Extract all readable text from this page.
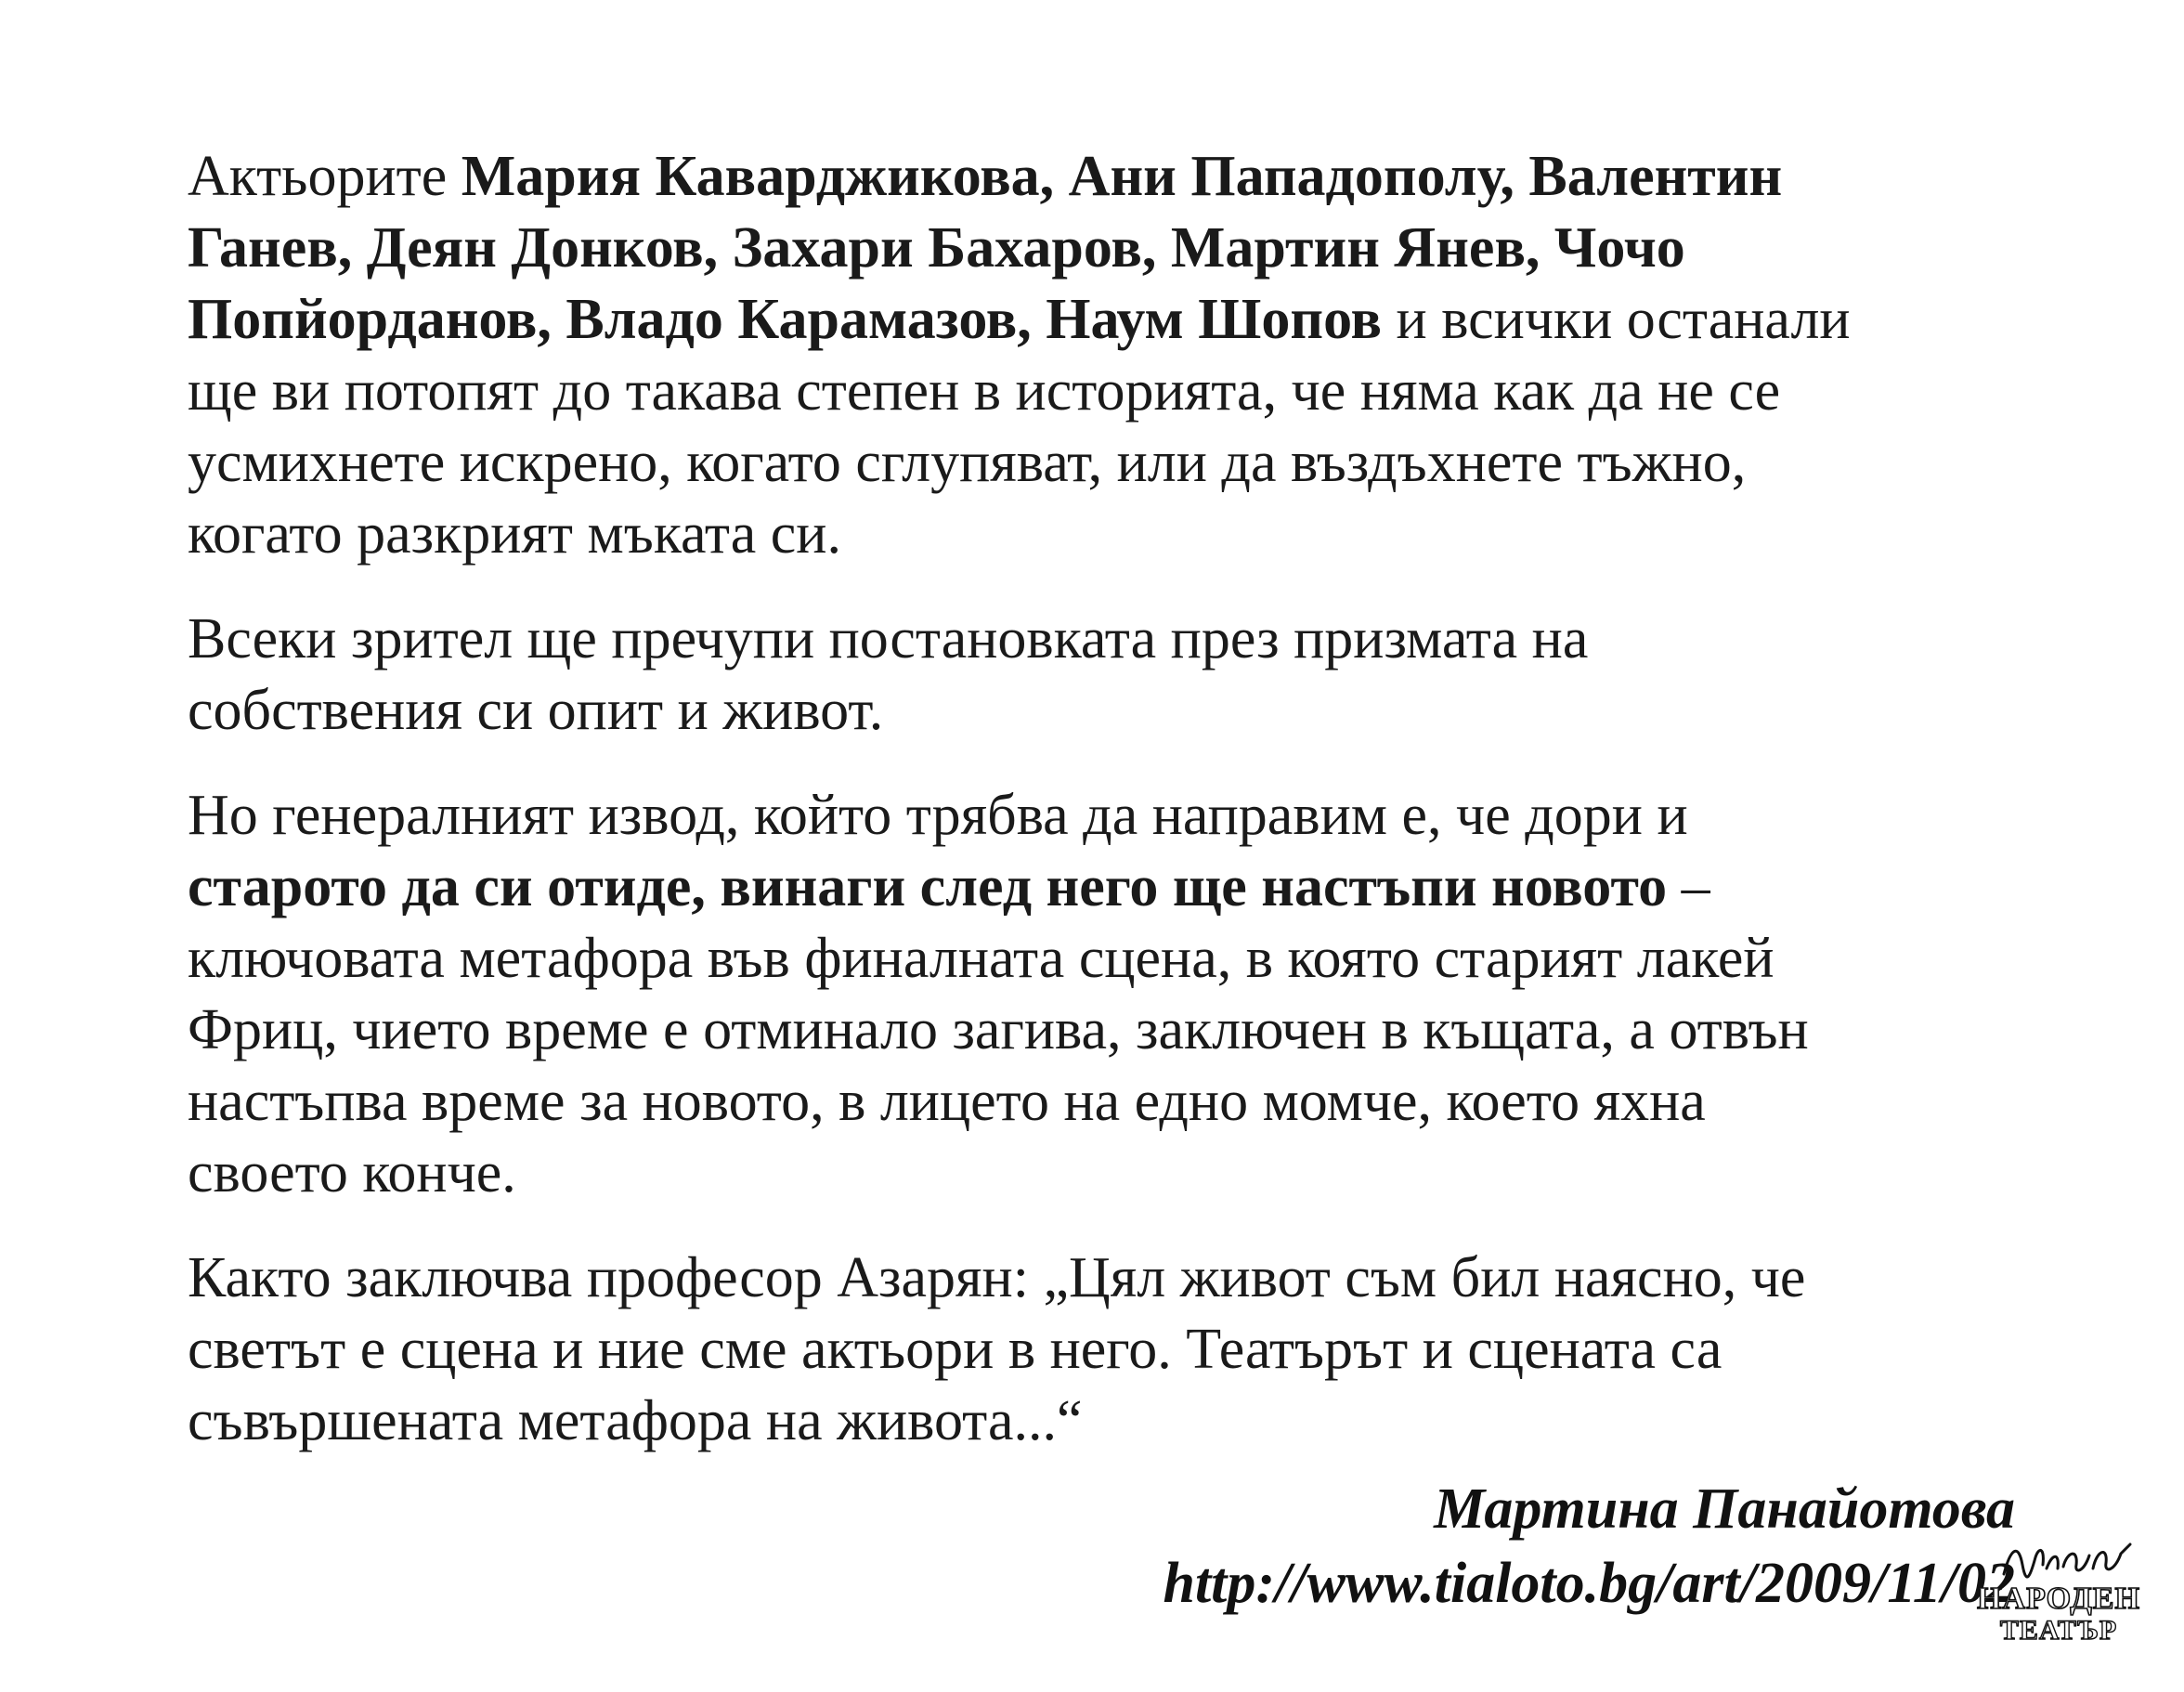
Актьорите Мария Каварджикова, Ани Пападополу, Валентин
Ганев, Деян Донков, Захари Бахаров, Мартин Янев, Чочо
Попйорданов, Владо Карамазов, Наум Шопов и всички останали
ще ви потопят до такава степен в историята, че няма как да не се
усмихнете искрено, когато сглупяват, или да въздъхнете тъжно,
когато разкрият мъката си.

Всеки зрител ще пречупи постановката през призмата на
собствения си опит и живот.

Но генералният извод, който трябва да направим е, че дори и
старото да си отиде, винаги след него ще настъпи новото –
ключовата метафора във финалната сцена, в която старият лакей
Фриц, чието време е отминало загива, заключен в къщата, а отвън
настъпва време за новото, в лицето на едно момче, което яхна
своето конче.

Както заключва професор Азарян: „Цял живот съм бил наясно, че
светът е сцена и ние сме актьори в него. Театърът и сцената са
съвършената метафора на живота...“

Мартина Панайотова
http://www.tialoto.bg/art/2009/11/02
НАРОДЕН
ТЕАТЪР
